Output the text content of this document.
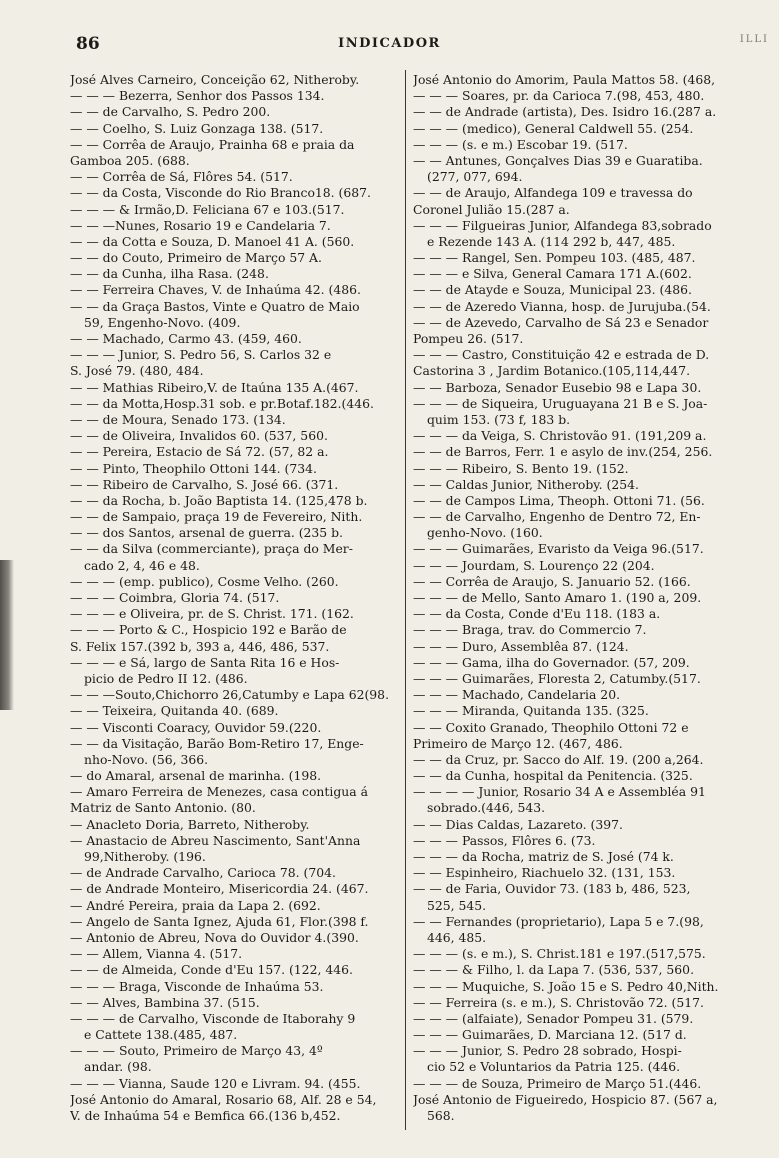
86	INDICADOR	ILLI
José Alves Carneiro, Conceição 62, Nitheroby.
— — — Bezerra, Senhor dos Passos 134.
— — de Carvalho, S. Pedro 200.
— — Coelho, S. Luiz Gonzaga 138. (517.
— — Corrêa de Araujo, Prainha 68 e praia da
Gamboa 205. (688.
— — Corrêa de Sá, Flôres 54. (517.
— — da Costa, Visconde do Rio Branco18. (687.
— — — & Irmão,D. Feliciana 67 e 103.(517.
— — —Nunes, Rosario 19 e Candelaria 7.
— — da Cotta e Souza, D. Manoel 41 A. (560.
— — do Couto, Primeiro de Março 57 A.
— — da Cunha, ilha Rasa. (248.
— — Ferreira Chaves, V. de Inhaúma 42. (486.
— — da Graça Bastos, Vinte e Quatro de Maio
59, Engenho-Novo. (409.
— — Machado, Carmo 43. (459, 460.
— — — Junior, S. Pedro 56, S. Carlos 32 e
S. José 79. (480, 484.
— — Mathias Ribeiro,V. de Itaúna 135 A.(467.
— — da Motta,Hosp.31 sob. e pr.Botaf.182.(446.
— — de Moura, Senado 173. (134.
— — de Oliveira, Invalidos 60. (537, 560.
— — Pereira, Estacio de Sá 72. (57, 82 a.
— — Pinto, Theophilo Ottoni 144. (734.
— — Ribeiro de Carvalho, S. José 66. (371.
— — da Rocha, b. João Baptista 14. (125,478 b.
— — de Sampaio, praça 19 de Fevereiro, Nith.
— — dos Santos, arsenal de guerra. (235 b.
— — da Silva (commerciante), praça do Mer-
cado 2, 4, 46 e 48.
— — — (emp. publico), Cosme Velho. (260.
— — — Coimbra, Gloria 74. (517.
— — — e Oliveira, pr. de S. Christ. 171. (162.
— — — Porto & C., Hospicio 192 e Barão de
S. Felix 157.(392 b, 393 a, 446, 486, 537.
— — — e Sá, largo de Santa Rita 16 e Hos-
picio de Pedro II 12. (486.
— — —Souto,Chichorro 26,Catumby e Lapa 62(98.
— — Teixeira, Quitanda 40. (689.
— — Visconti Coaracy, Ouvidor 59.(220.
— — da Visitação, Barão Bom-Retiro 17, Enge-
nho-Novo. (56, 366.
— do Amaral, arsenal de marinha. (198.
— Amaro Ferreira de Menezes, casa contigua á
Matriz de Santo Antonio. (80.
— Anacleto Doria, Barreto, Nitheroby.
— Anastacio de Abreu Nascimento, Sant'Anna
99,Nitheroby. (196.
— de Andrade Carvalho, Carioca 78. (704.
— de Andrade Monteiro, Misericordia 24. (467.
— André Pereira, praia da Lapa 2. (692.
— Angelo de Santa Ignez, Ajuda 61, Flor.(398 f.
— Antonio de Abreu, Nova do Ouvidor 4.(390.
— — Allem, Vianna 4. (517.
— — de Almeida, Conde d'Eu 157. (122, 446.
— — — Braga, Visconde de Inhaúma 53.
— — Alves, Bambina 37. (515.
— — — de Carvalho, Visconde de Itaborahy 9
e Cattete 138.(485, 487.
— — — Souto, Primeiro de Março 43, 4º
andar. (98.
— — — Vianna, Saude 120 e Livram. 94. (455.
José Antonio do Amaral, Rosario 68, Alf. 28 e 54,
V. de Inhaúma 54 e Bemfica 66.(136 b,452.
José Antonio do Amorim, Paula Mattos 58. (468,
— — — Soares, pr. da Carioca 7.(98, 453, 480.
— — de Andrade (artista), Des. Isidro 16.(287 a.
— — — (medico), General Caldwell 55. (254.
— — — (s. e m.) Escobar 19. (517.
— — Antunes, Gonçalves Dias 39 e Guaratiba.
(277, 077, 694.
— — de Araujo, Alfandega 109 e travessa do
Coronel Julião 15.(287 a.
— — — Filgueiras Junior, Alfandega 83,sobrado
e Rezende 143 A. (114 292 b, 447, 485.
— — — Rangel, Sen. Pompeu 103. (485, 487.
— — — e Silva, General Camara 171 A.(602.
— — de Atayde e Souza, Municipal 23. (486.
— — de Azeredo Vianna, hosp. de Jurujuba.(54.
— — de Azevedo, Carvalho de Sá 23 e Senador
Pompeu 26. (517.
— — — Castro, Constituição 42 e estrada de D.
Castorina 3 , Jardim Botanico.(105,114,447.
— — Barboza, Senador Eusebio 98 e Lapa 30.
— — — de Siqueira, Uruguayana 21 B e S. Joa-
quim 153. (73 f, 183 b.
— — — da Veiga, S. Christovão 91. (191,209 a.
— — de Barros, Ferr. 1 e asylo de inv.(254, 256.
— — — Ribeiro, S. Bento 19. (152.
— — Caldas Junior, Nitheroby. (254.
— — de Campos Lima, Theoph. Ottoni 71. (56.
— — de Carvalho, Engenho de Dentro 72, En-
genho-Novo. (160.
— — — Guimarães, Evaristo da Veiga 96.(517.
— — — Jourdam, S. Lourenço 22 (204.
— — Corrêa de Araujo, S. Januario 52. (166.
— — — de Mello, Santo Amaro 1. (190 a, 209.
— — da Costa, Conde d'Eu 118. (183 a.
— — — Braga, trav. do Commercio 7.
— — — Duro, Assemblêa 87. (124.
— — — Gama, ilha do Governador. (57, 209.
— — — Guimarães, Floresta 2, Catumby.(517.
— — — Machado, Candelaria 20.
— — — Miranda, Quitanda 135. (325.
— — Coxito Granado, Theophilo Ottoni 72 e
Primeiro de Março 12. (467, 486.
— — da Cruz, pr. Sacco do Alf. 19. (200 a,264.
— — da Cunha, hospital da Penitencia. (325.
— — — — Junior, Rosario 34 A e Assembléa 91
sobrado.(446, 543.
— — Dias Caldas, Lazareto. (397.
— — — Passos, Flôres 6. (73.
— — — da Rocha, matriz de S. José (74 k.
— — Espinheiro, Riachuelo 32. (131, 153.
— — de Faria, Ouvidor 73. (183 b, 486, 523,
525, 545.
— — Fernandes (proprietario), Lapa 5 e 7.(98,
446, 485.
— — — (s. e m.), S. Christ.181 e 197.(517,575.
— — — & Filho, l. da Lapa 7. (536, 537, 560.
— — — Muquiche, S. João 15 e S. Pedro 40,Nith.
— — Ferreira (s. e m.), S. Christovão 72. (517.
— — — (alfaiate), Senador Pompeu 31. (579.
— — — Guimarães, D. Marciana 12. (517 d.
— — — Junior, S. Pedro 28 sobrado, Hospi-
cio 52 e Voluntarios da Patria 125. (446.
— — — de Souza, Primeiro de Março 51.(446.
José Antonio de Figueiredo, Hospicio 87. (567 a,
568.
